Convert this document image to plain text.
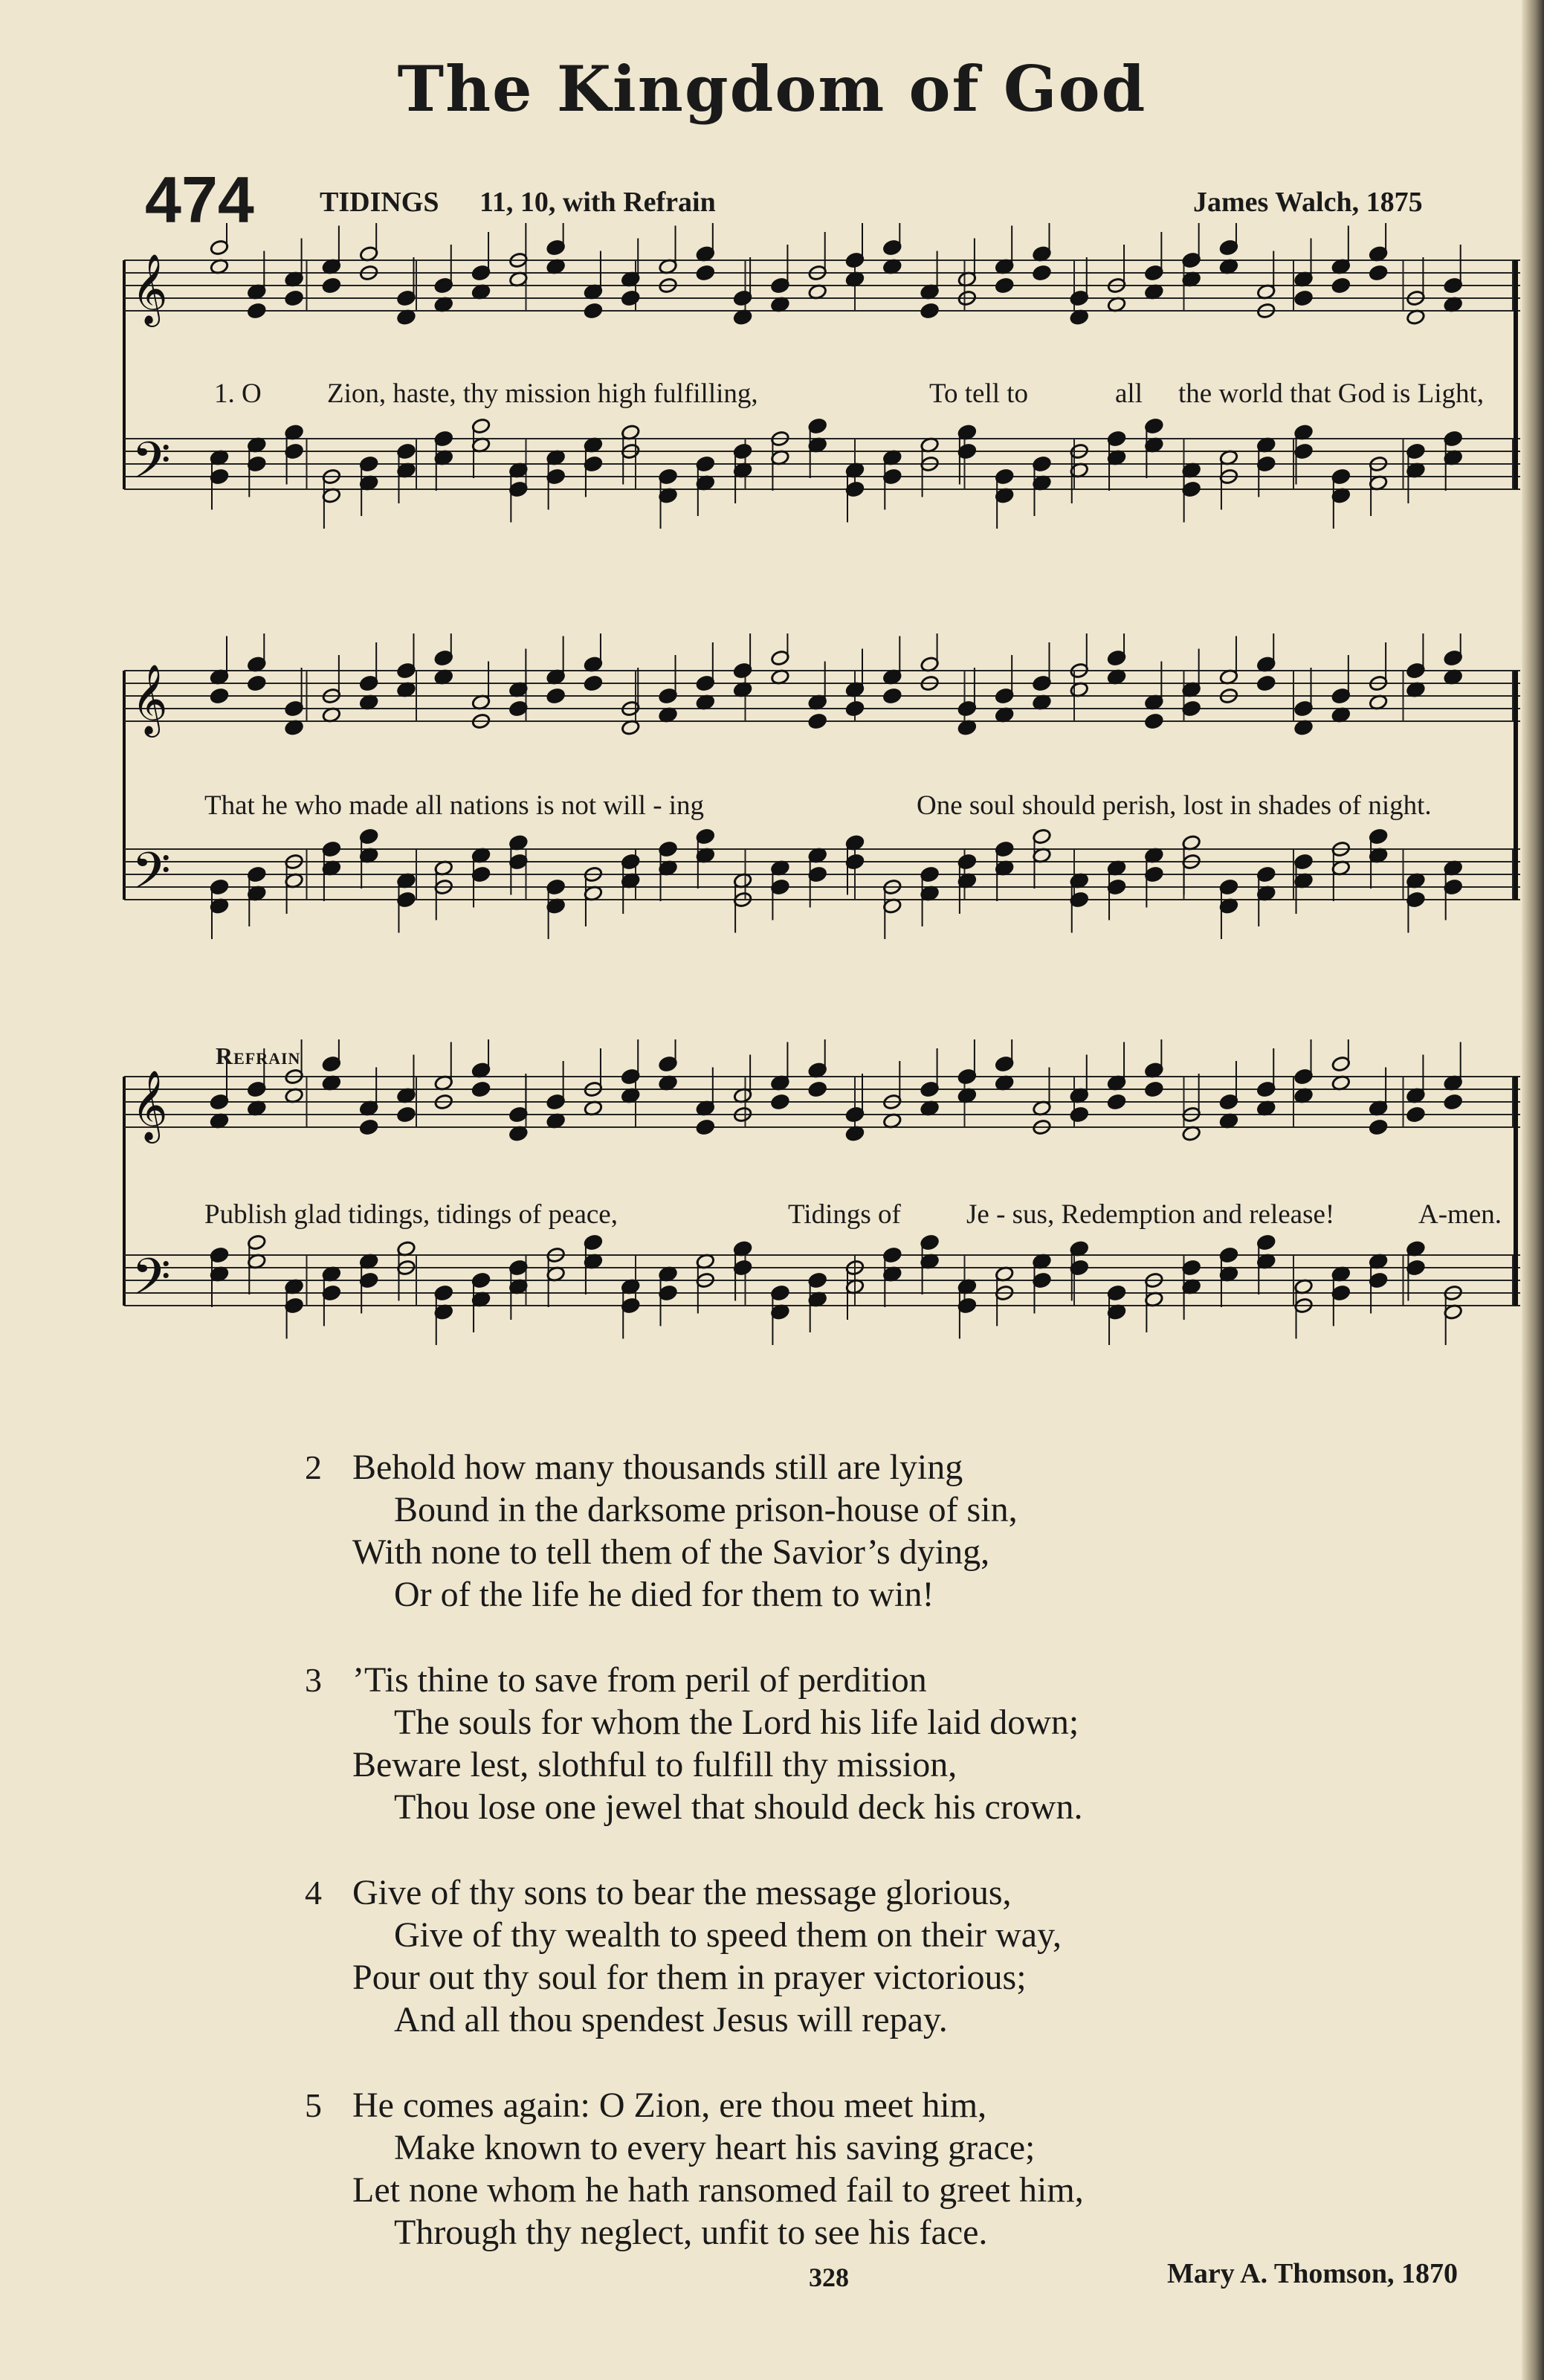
The Kingdom of God
474 TIDINGS 11, 10, with Refrain	James Walch, 1875
𝄞
𝄢
1. O Zion, haste, thy mission high fulfilling,	To tell to	all the world that God is Light,
𝄞
𝄢
That he who made all nations is not will - ing	One soul should perish, lost in shades of night.
Refrain
𝄞
𝄢
Publish glad tidings, tidings of peace,	Tidings of Je - sus, Redemption and release!	A-men.
2 Behold how many thousands still are lying
Bound in the darksome prison-house of sin,
With none to tell them of the Savior’s dying,
Or of the life he died for them to win!
3 ’Tis thine to save from peril of perdition
The souls for whom the Lord his life laid down;
Beware lest, slothful to fulfill thy mission,
Thou lose one jewel that should deck his crown.
4 Give of thy sons to bear the message glorious,
Give of thy wealth to speed them on their way,
Pour out thy soul for them in prayer victorious;
And all thou spendest Jesus will repay.
5 He comes again: O Zion, ere thou meet him,
Make known to every heart his saving grace;
Let none whom he hath ransomed fail to greet him,
Through thy neglect, unfit to see his face.
328	Mary A. Thomson, 1870
